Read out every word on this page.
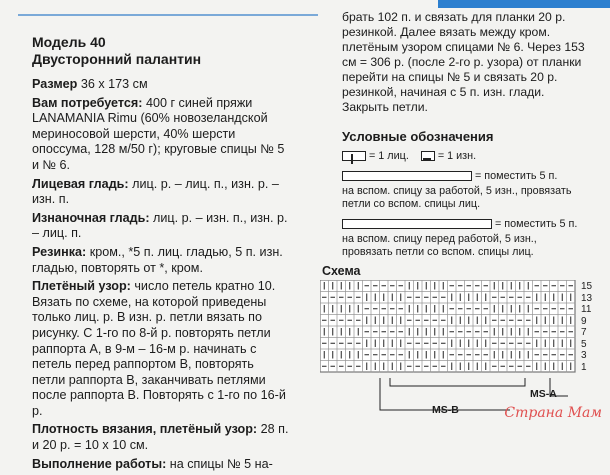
Модель 40

Двусторонний палантин

Размер 36 x 173 см

Вам потребуется: 400 г синей пряжи LANAMANIA Rimu (60% новозеландской мериносовой шерсти, 40% шерсти опоссума, 128 м/50 г); круговые спицы № 5 и № 6.

Лицевая гладь: лиц. р. – лиц. п., изн. р. – изн. п.

Изнаночная гладь: лиц. р. – изн. п., изн. р. – лиц. п.

Резинка: кром., *5 п. лиц. гладью, 5 п. изн. гладью, повторять от *, кром.

Плетёный узор: число петель кратно 10. Вязать по схеме, на которой приведены только лиц. р. В изн. р. петли вязать по рисунку. С 1-го по 8-й р. повторять петли раппорта A, в 9-м – 16-м р. начинать с петель перед раппортом B, повторять петли раппорта B, заканчивать петлями после раппорта B. Повторять с 1-го по 16-й р.

Плотность вязания, плетёный узор: 28 п. и 20 р. = 10 x 10 см.

Выполнение работы: на спицы № 5 на-

брать 102 п. и связать для планки 20 р. резинкой. Далее вязать между кром. плетёным узором спицами № 6. Через 153 см = 306 р. (после 2-го р. узора) от планки перейти на спицы № 5 и связать 20 р. резинкой, начиная с 5 п. изн. глади. Закрыть петли.

Условные обозначения

= 1 лиц.	= 1 изн.
= поместить 5 п.

на вспом. спицу за работой, 5 изн., провязать петли со вспом. спицы лиц.

= поместить 5 п.

на вспом. спицу перед работой, 5 изн., провязать петли со вспом. спицы лиц.

Схема
15
13
11
9
7
5
3
1
MS-A
MS-B	Страна Мам
